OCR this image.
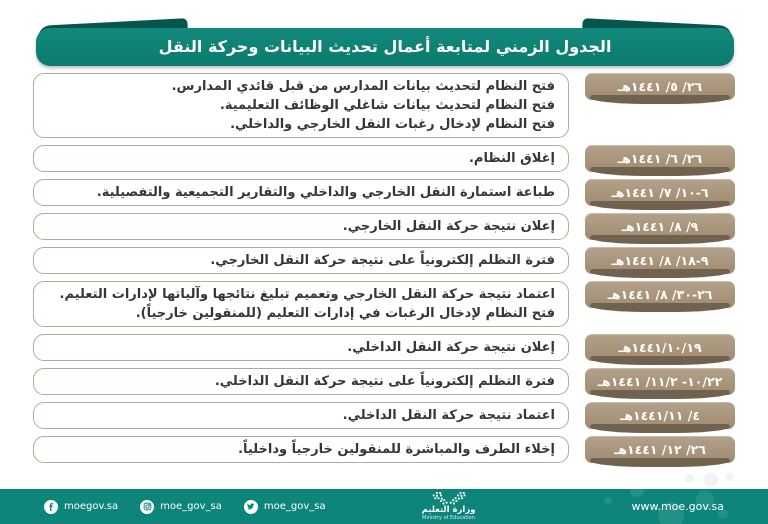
الجدول الزمني لمتابعة أعمال تحديث البيانات وحركة النقل
٢٦/ ٥/ ١٤٤١هـ
فتح النظام لتحديث بيانات المدارس من قبل قائدي المدارس.
فتح النظام لتحديث بيانات شاغلي الوظائف التعليمية.
فتح النظام لإدخال رغبات النقل الخارجي والداخلي.
٢٦/ ٦/ ١٤٤١هـ
إغلاق النظام.
٦-١٠/ ٧/ ١٤٤١هـ
طباعة استمارة النقل الخارجي والداخلي والتقارير التجميعية والتفصيلية.
٩/ ٨/ ١٤٤١هـ
إعلان نتيجة حركة النقل الخارجي.
٩-١٨/ ٨/ ١٤٤١هـ
فترة التظلم إلكترونياً على نتيجة حركة النقل الخارجي.
٢٦-٣٠/ ٨/ ١٤٤١هـ
اعتماد نتيجة حركة النقل الخارجي وتعميم تبليغ نتائجها وآلياتها لإدارات التعليم.
فتح النظام لإدخال الرغبات في إدارات التعليم (للمنقولين خارجياً).
١٩/‏١٠/‏١٤٤١هـ
إعلان نتيجة حركة النقل الداخلي.
٢٢/‏١٠- ٢/‏١١/ ١٤٤١هـ
فترة التظلم إلكترونياً على نتيجة حركة النقل الداخلي.
٤/ ١١/‏١٤٤١هـ
اعتماد نتيجة حركة النقل الداخلي.
٢٦/ ١٢/ ١٤٤١هـ
إخلاء الطرف والمباشرة للمنقولين خارجياً وداخلياً.
moegov.sa	moe_gov_sa	moe_gov_sa	وزارة التعليم
Ministry of Education
www.moe.gov.sa
